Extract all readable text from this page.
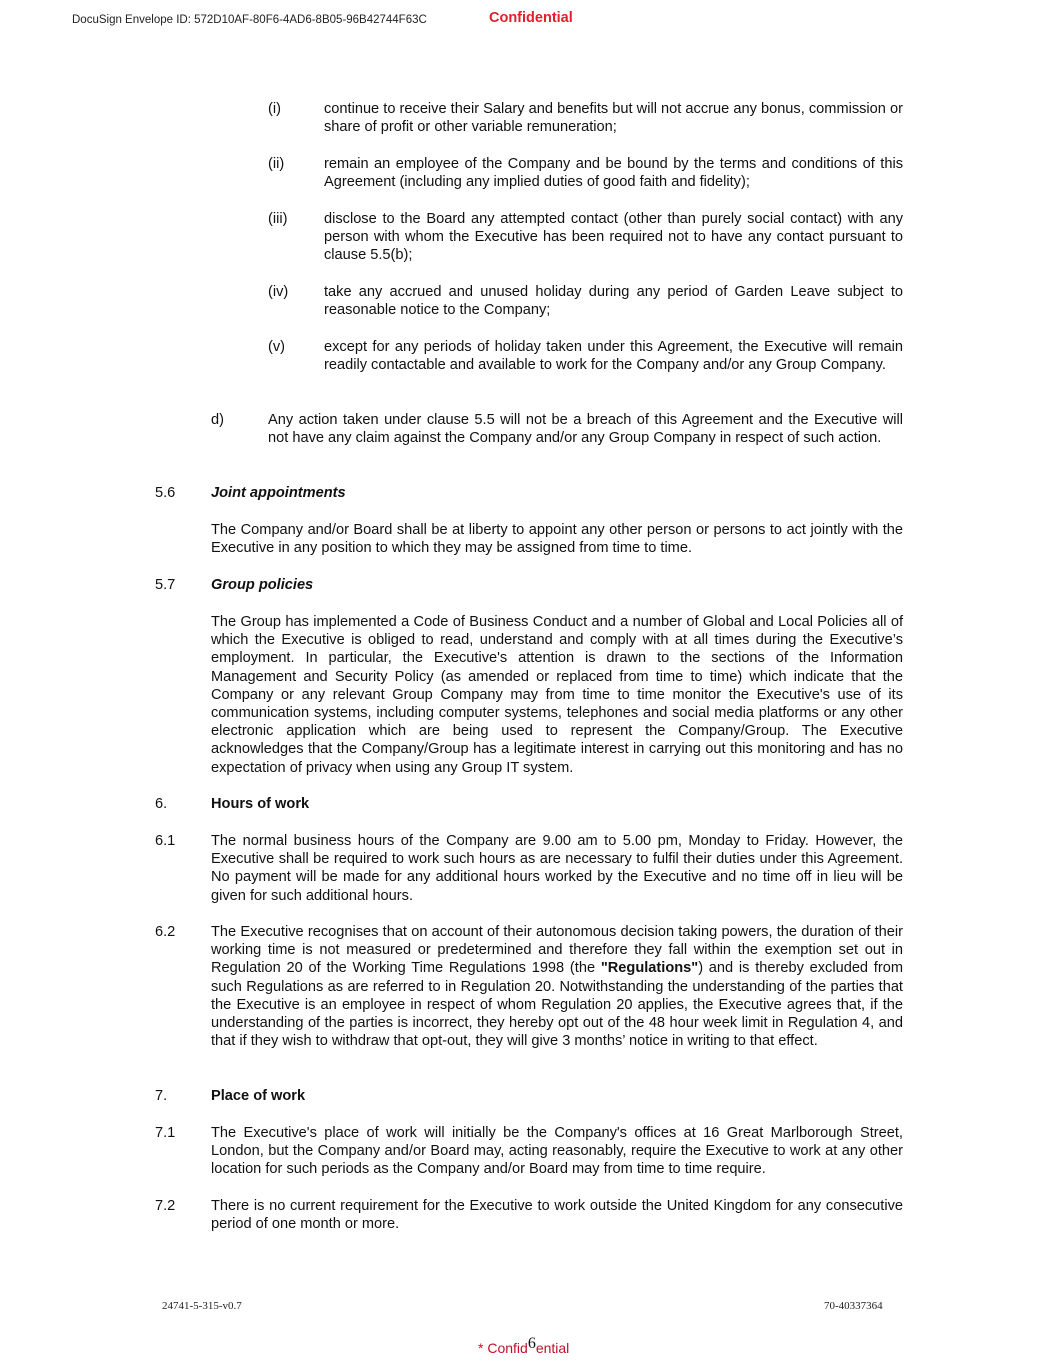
DocuSign Envelope ID: 572D10AF-80F6-4AD6-8B05-96B42744F63C	Confidential
(i)	continue to receive their Salary and benefits but will not accrue any bonus, commission or share of profit or other variable remuneration;
(ii)	remain an employee of the Company and be bound by the terms and conditions of this Agreement (including any implied duties of good faith and fidelity);
(iii)	disclose to the Board any attempted contact (other than purely social contact) with any person with whom the Executive has been required not to have any contact pursuant to clause 5.5(b);
(iv) take any accrued and unused holiday during any period of Garden Leave subject to reasonable notice to the Company;
(v)	except for any periods of holiday taken under this Agreement, the Executive will remain readily contactable and available to work for the Company and/or any Group Company.
d)	Any action taken under clause 5.5 will not be a breach of this Agreement and the Executive will not have any claim against the Company and/or any Group Company in respect of such action.
5.6 Joint appointments
The Company and/or Board shall be at liberty to appoint any other person or persons to act jointly with the Executive in any position to which they may be assigned from time to time.
5.7 Group policies
The Group has implemented a Code of Business Conduct and a number of Global and Local Policies all of which the Executive is obliged to read, understand and comply with at all times during the Executive’s employment. In particular, the Executive's attention is drawn to the sections of the Information Management and Security Policy (as amended or replaced from time to time) which indicate that the Company or any relevant Group Company may from time to time monitor the Executive's use of its communication systems, including computer systems, telephones and social media platforms or any other electronic application which are being used to represent the Company/Group. The Executive acknowledges that the Company/Group has a legitimate interest in carrying out this monitoring and has no expectation of privacy when using any Group IT system.
6.	Hours of work
6.1 The normal business hours of the Company are 9.00 am to 5.00 pm, Monday to Friday. However, the Executive shall be required to work such hours as are necessary to fulfil their duties under this Agreement. No payment will be made for any additional hours worked by the Executive and no time off in lieu will be given for such additional hours.
6.2 The Executive recognises that on account of their autonomous decision taking powers, the duration of their working time is not measured or predetermined and therefore they fall within the exemption set out in Regulation 20 of the Working Time Regulations 1998 (the "Regulations") and is thereby excluded from such Regulations as are referred to in Regulation 20. Notwithstanding the understanding of the parties that the Executive is an employee in respect of whom Regulation 20 applies, the Executive agrees that, if the understanding of the parties is incorrect, they hereby opt out of the 48 hour week limit in Regulation 4, and that if they wish to withdraw that opt-out, they will give 3 months’ notice in writing to that effect.
7.	Place of work
7.1 The Executive's place of work will initially be the Company's offices at 16 Great Marlborough Street, London, but the Company and/or Board may, acting reasonably, require the Executive to work at any other location for such periods as the Company and/or Board may from time to time require.
7.2 There is no current requirement for the Executive to work outside the United Kingdom for any consecutive period of one month or more.
24741-5-315-v0.7	70-40337364
* Confid6ential
